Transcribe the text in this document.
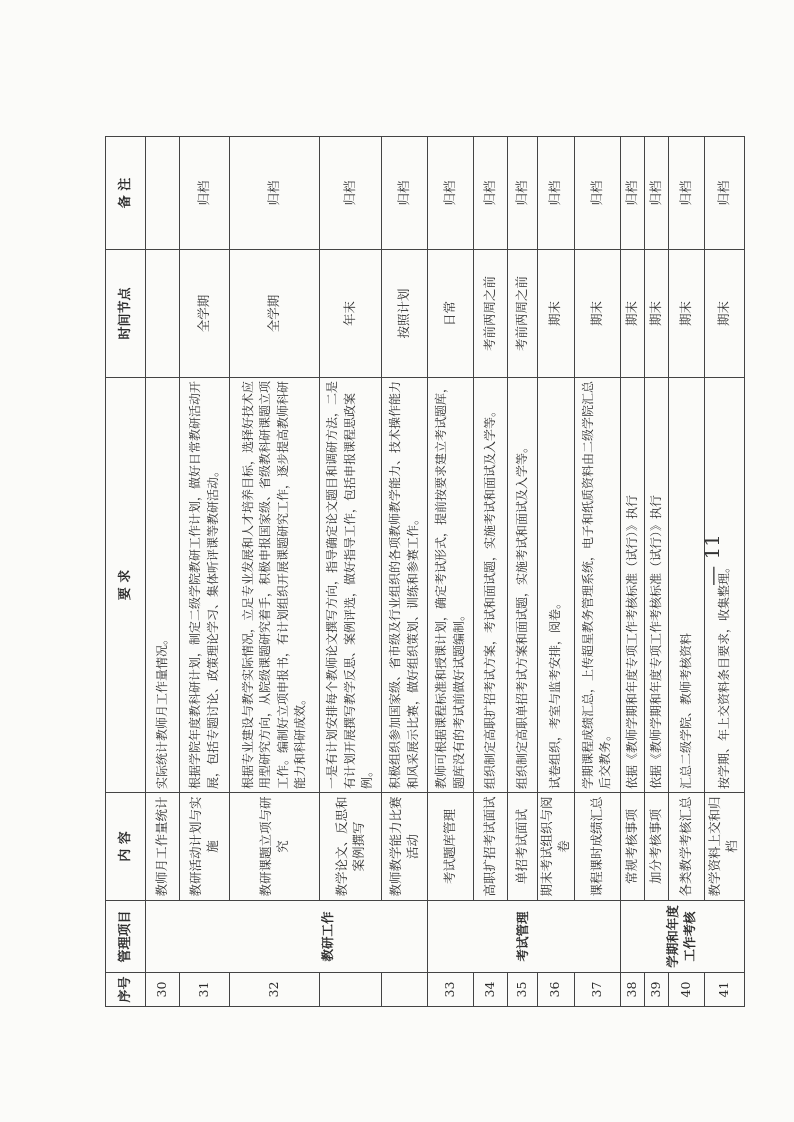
序号	管理项目	内 容	要 求	时间节点	备 注
30		教师月工作量统计	实际统计教师月工作量情况。		
31		教研活动计划与实施	根据学院年度教科研计划，制定二级学院教研工作计划，做好日常教研活动开展，包括专题讨论、政策理论学习、集体听评课等教研活动。	全学期	归档
32	教研工作	教研课题立项与研究	根据专业建设与教学实际情况，立足专业发展和人才培养目标，选择好技术应用型研究方向，从院级课题研究着手，积极申报国家级、省级教科研课题立项工作。编制好立项申报书，有计划组织开展课题研究工作，逐步提高教师科研能力和科研成效。	全学期	归档
		教学论文、反思和案例撰写	一是有计划安排每个教师论文撰写方向，指导确定论文题目和调研方法，二是有计划开展撰写教学反思、案例评选，做好指导工作，包括申报课程思政案例。	年末	归档
		教师教学能力比赛活动	积极组织参加国家级、省市级及行业组织的各项教师教学能力、技术操作能力和风采展示比赛，做好组织策划、训练和参赛工作。	按照计划	归档
33	考试管理	考试题库管理	教师可根据课程标准和授课计划，确定考试形式，提前按要求建立考试题库，题库没有的考试前做好试题编制。	日常	归档
34		高职扩招考试面试	组织制定高职扩招考试方案，考试和面试题，实施考试和面试及入学等。	考前两周之前	归档
35		单招考试面试	组织制定高职单招考试方案和面试题，实施考试和面试及入学等。	考前两周之前	归档
36		期末考试组织与阅卷	试卷组织，考室与监考安排，阅卷。	期末	归档
37		课程课时成绩汇总	学期课程成绩汇总，上传超星教务管理系统，电子和纸质资料由二级学院汇总后交教务。	期末	归档
38	学期和年度工作考核	常规考核事项	依据《教师学期和年度专项工作考核标准（试行）》执行	期末	归档
39		加分考核事项	依据《教师学期和年度专项工作考核标准（试行）》执行	期末	归档
40		各类教学考核汇总	汇总二级学院、教师考核资料	期末	归档
41		教学资料上交和归档	按学期、年上交资料条目要求，收集整理。	期末	归档
— 11
